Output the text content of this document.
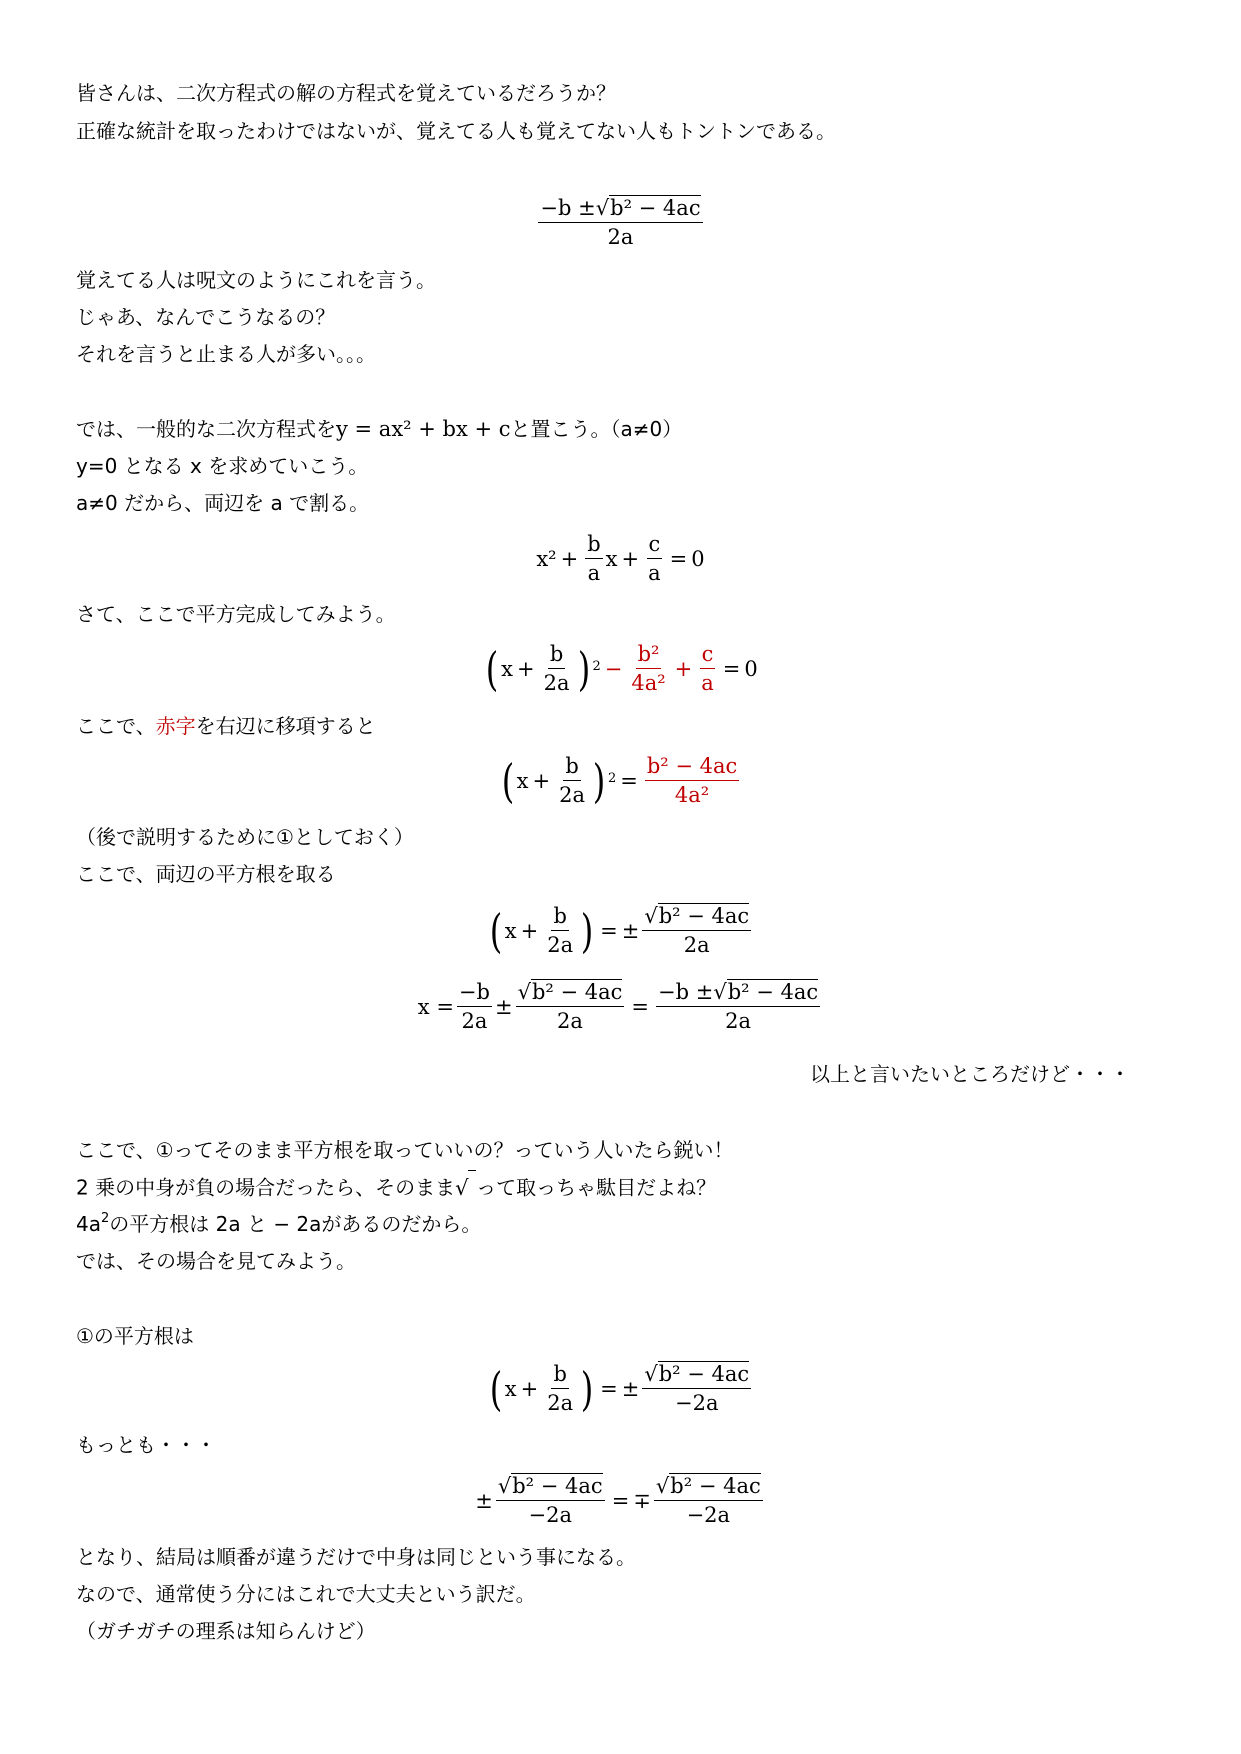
皆さんは、二次方程式の解の方程式を覚えているだろうか？
正確な統計を取ったわけではないが、覚えてる人も覚えてない人もトントンである。
$\frac{\text{−b ±√b² − 4ac}}{2a}$
覚えてる人は呪文のようにこれを言う。
じゃあ、なんでこうなるの？
それを言うと止まる人が多い。。。
では、一般的な二次方程式をy = ax² + bx + cと置こう。（a≠0）
y=0 となる x を求めていこう。
a≠0 だから、両辺を a で割る。
$x^2 + \frac{b}{a}$ $x + \frac{c}{a} = 0$
さて、ここで平方完成してみよう。
( $x + \frac{b}{2a}$ ) $2 - \frac{\text{b²}}{\text{4a²}} + \frac{c}{a} = 0$
ここで、赤字を右辺に移項すると
( $x + \frac{b}{2a}$ ) $2 = \frac{\text{b² − 4ac}}{\text{4a²}}$
（後で説明するために①としておく）
ここで、両辺の平方根を取る
( $x + \frac{b}{2a}$ ) = ± $\frac{\text{√b² − 4ac}}{2a}$
$x = \frac{-b}{2a} \pm \frac{\text{√b² − 4ac}}{2a} = \frac{\text{−b ±√b² − 4ac}}{2a}$
以上と言いたいところだけど・・・
ここで、①ってそのまま平方根を取っていいの？っていう人いたら鋭い！
2 乗の中身が負の場合だったら、そのまま √
って取っちゃ駄目だよね？
$4a^2$の平方根は 2a と − 2aがあるのだから。
では、その場合を見てみよう。
①の平方根は
( $x + \frac{b}{2a}$ ) = ± $\frac{\text{√b² − 4ac}}{-2a}$
もっとも・・・
± $\frac{\text{√b² − 4ac}}{-2a}$ = ∓ $\frac{\text{√b² − 4ac}}{-2a}$
となり、結局は順番が違うだけで中身は同じという事になる。
なので、通常使う分にはこれで大丈夫という訳だ。
（ガチガチの理系は知らんけど）
